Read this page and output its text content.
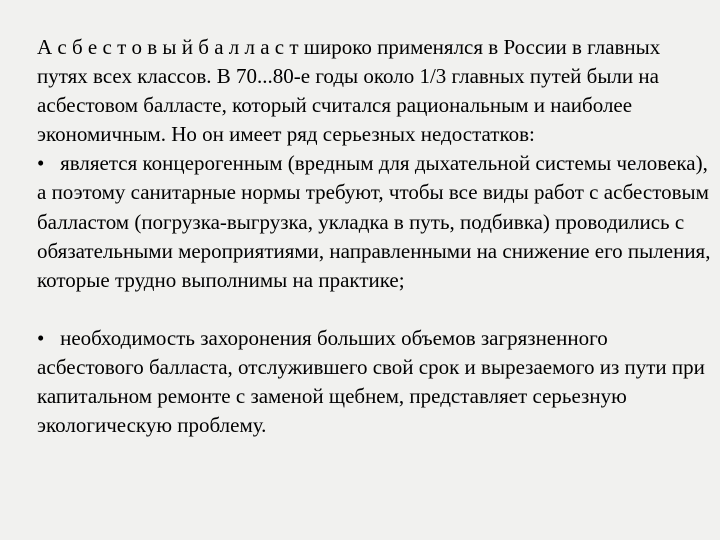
А с б е с т о в ы й б а л л а с т широко применялся в России в главных путях всех классов. В 70...80-е годы около 1/3 главных путей были на асбестовом балласте, который считался рациональным и наиболее экономичным. Но он имеет ряд серьезных недостатков:

• является концерогенным (вредным для дыхательной системы человека), а поэтому санитарные нормы требуют, чтобы все виды работ с асбестовым балластом (погрузка-выгрузка, укладка в путь, подбивка) проводились с обязательными мероприятиями, направленными на снижение его пыления, которые трудно выполнимы на практике;

• необходимость захоронения больших объемов загрязненного асбестового балласта, отслужившего свой срок и вырезаемого из пути при капитальном ремонте с заменой щебнем, представляет серьезную экологическую проблему.
